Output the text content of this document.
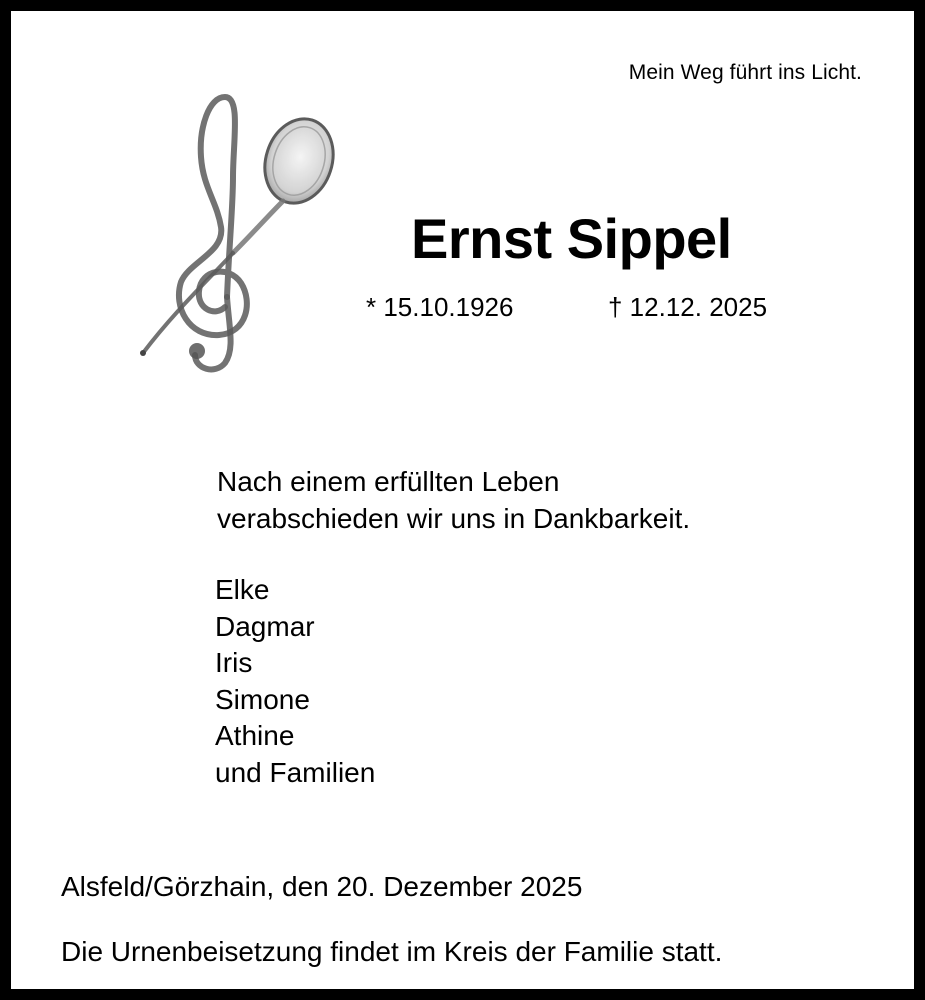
Mein Weg führt ins Licht.
Ernst Sippel
* 15.10.1926	† 12.12. 2025
Nach einem erfüllten Leben
verabschieden wir uns in Dankbarkeit.
Elke
Dagmar
Iris
Simone
Athine
und Familien
Alsfeld/Görzhain, den 20. Dezember 2025
Die Urnenbeisetzung findet im Kreis der Familie statt.
